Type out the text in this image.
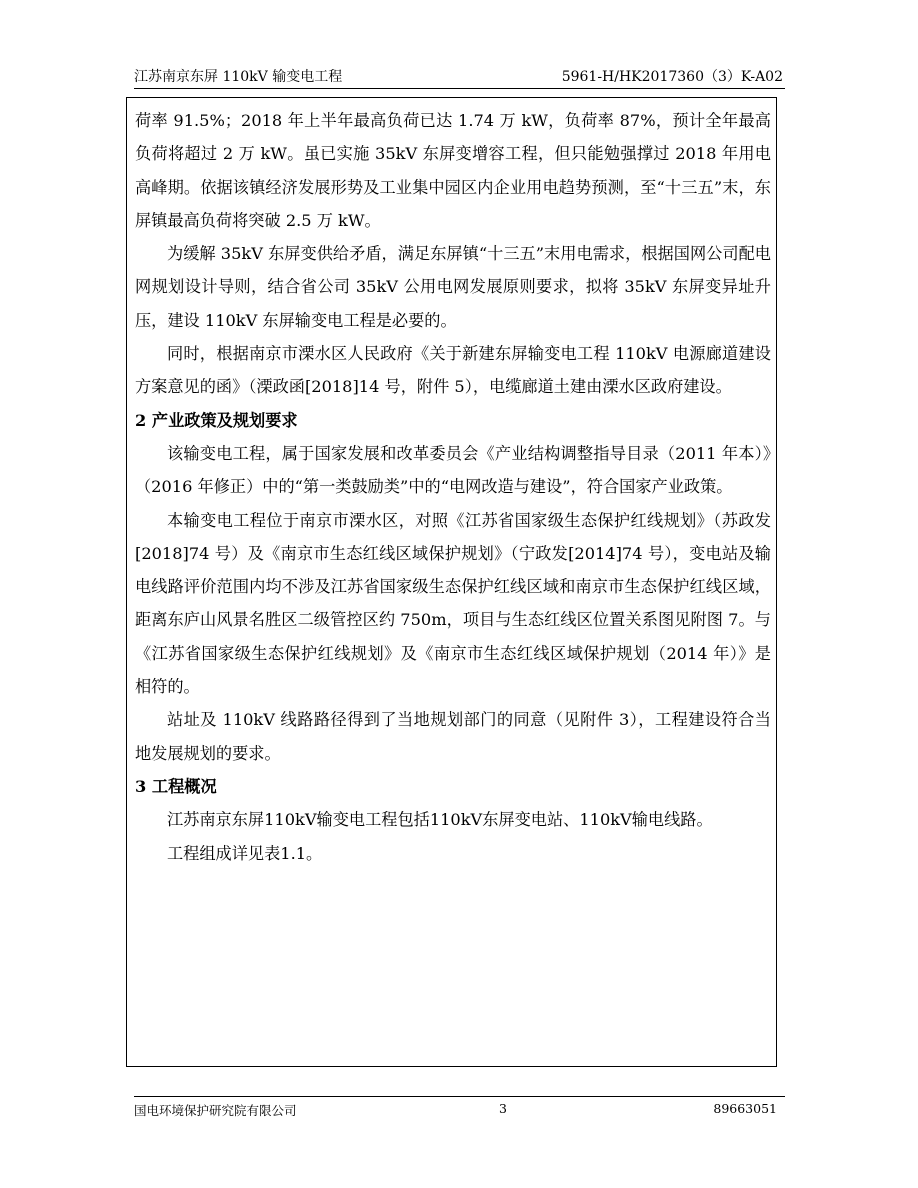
江苏南京东屏 110kV 输变电工程	5961-H/HK2017360（3）K-A02

荷率 91.5%；2018 年上半年最高负荷已达 1.74 万 kW，负荷率 87%，预计全年最高负荷将超过 2 万 kW。虽已实施 35kV 东屏变增容工程，但只能勉强撑过 2018 年用电高峰期。依据该镇经济发展形势及工业集中园区内企业用电趋势预测，至“十三五”末，东屏镇最高负荷将突破 2.5 万 kW。

为缓解 35kV 东屏变供给矛盾，满足东屏镇“十三五”末用电需求，根据国网公司配电网规划设计导则，结合省公司 35kV 公用电网发展原则要求，拟将 35kV 东屏变异址升压，建设 110kV 东屏输变电工程是必要的。

同时，根据南京市溧水区人民政府《关于新建东屏输变电工程 110kV 电源廊道建设方案意见的函》（溧政函[2018]14 号，附件 5），电缆廊道土建由溧水区政府建设。

2 产业政策及规划要求

该输变电工程，属于国家发展和改革委员会《产业结构调整指导目录（2011 年本）》（2016 年修正）中的“第一类鼓励类”中的“电网改造与建设”，符合国家产业政策。

本输变电工程位于南京市溧水区，对照《江苏省国家级生态保护红线规划》（苏政发[2018]74 号）及《南京市生态红线区域保护规划》（宁政发[2014]74 号），变电站及输电线路评价范围内均不涉及江苏省国家级生态保护红线区域和南京市生态保护红线区域，距离东庐山风景名胜区二级管控区约 750m，项目与生态红线区位置关系图见附图 7。与《江苏省国家级生态保护红线规划》及《南京市生态红线区域保护规划（2014 年）》是相符的。

站址及 110kV 线路路径得到了当地规划部门的同意（见附件 3），工程建设符合当地发展规划的要求。

3 工程概况

江苏南京东屏110kV输变电工程包括110kV东屏变电站、110kV输电线路。

工程组成详见表1.1。

国电环境保护研究院有限公司	3	89663051
